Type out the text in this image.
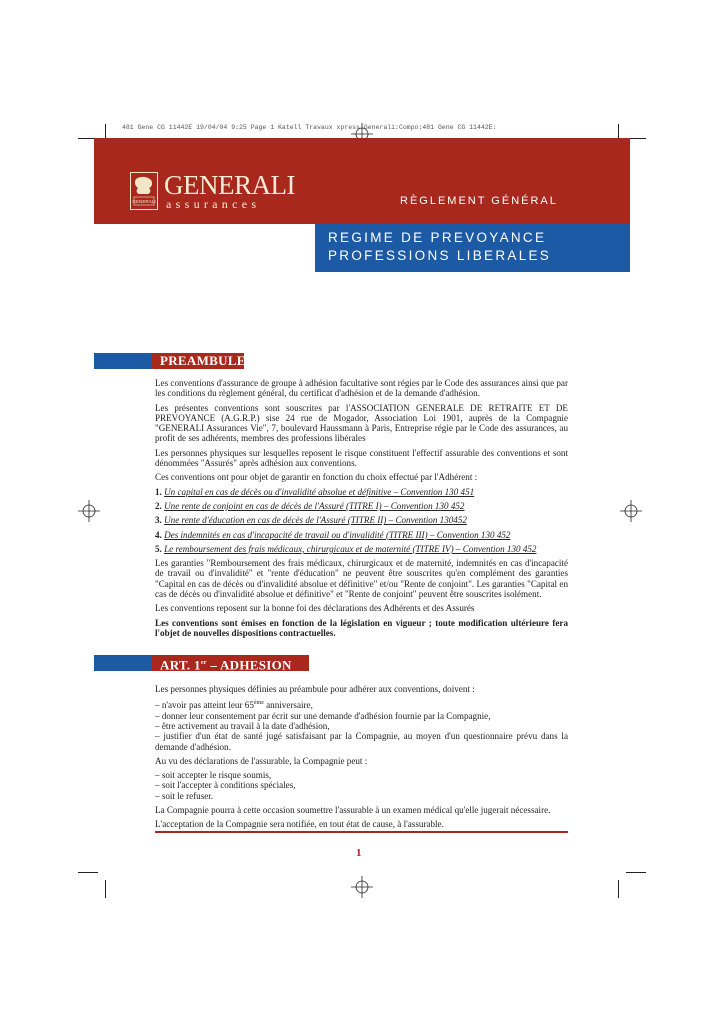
481 Gene CG 11442E 19/04/04 9:25 Page 1 Katell Travaux xpress:Generali:Compo:481 Gene CG 11442E:
GENERALI
GENERALI
assurances	RÈGLEMENT GÉNÉRAL
REGIME DE PREVOYANCE
PROFESSIONS LIBERALES
PREAMBULE

Les conventions d'assurance de groupe à adhésion facultative sont régies par le Code des assurances ainsi que par les conditions du règlement général, du certificat d'adhésion et de la demande d'adhésion.

Les présentes conventions sont souscrites par l'ASSOCIATION GENERALE DE RETRAITE ET DE PREVOYANCE (A.G.R.P.) sise 24 rue de Mogador, Association Loi 1901, auprès de la Compagnie "GENERALI Assurances Vie", 7, boulevard Haussmann à Paris, Entreprise régie par le Code des assurances, au profit de ses adhérents, membres des professions libérales

Les personnes physiques sur lesquelles reposent le risque constituent l'effectif assurable des conventions et sont dénommées "Assurés" après adhésion aux conventions.

Ces conventions ont pour objet de garantir en fonction du choix effectué par l'Adhérent :

1. Un capital en cas de décès ou d'invalidité absolue et définitive – Convention 130 451

2. Une rente de conjoint en cas de décès de l'Assuré (TITRE I) – Convention 130 452

3. Une rente d'éducation en cas de décès de l'Assuré (TITRE II) – Convention 130452

4. Des indemnités en cas d'incapacité de travail ou d'invalidité (TITRE III) – Convention 130 452

5. Le remboursement des frais médicaux, chirurgicaux et de maternité (TITRE IV) – Convention 130 452

Les garanties "Remboursement des frais médicaux, chirurgicaux et de maternité, indemnités en cas d'incapacité de travail ou d'invalidité" et "rente d'éducation" ne peuvent être souscrites qu'en complément des garanties "Capital en cas de décès ou d'invalidité absolue et définitive" et/ou "Rente de conjoint". Les garanties "Capital en cas de décès ou d'invalidité absolue et définitive" et "Rente de conjoint" peuvent être souscrites isolément.

Les conventions reposent sur la bonne foi des déclarations des Adhérents et des Assurés

Les conventions sont émises en fonction de la législation en vigueur ; toute modification ultérieure fera l'objet de nouvelles dispositions contractuelles.

ART. 1er – ADHESION

Les personnes physiques définies au préambule pour adhérer aux conventions, doivent :

– n'avoir pas atteint leur 65ème anniversaire,
– donner leur consentement par écrit sur une demande d'adhésion fournie par la Compagnie,
– être activement au travail à la date d'adhésion,
– justifier d'un état de santé jugé satisfaisant par la Compagnie, au moyen d'un questionnaire prévu dans la demande d'adhésion.

Au vu des déclarations de l'assurable, la Compagnie peut :

– soit accepter le risque soumis,
– soit l'accepter à conditions spéciales,
– soit le refuser.

La Compagnie pourra à cette occasion soumettre l'assurable à un examen médical qu'elle jugerait nécessaire.

L'acceptation de la Compagnie sera notifiée, en tout état de cause, à l'assurable.

1
